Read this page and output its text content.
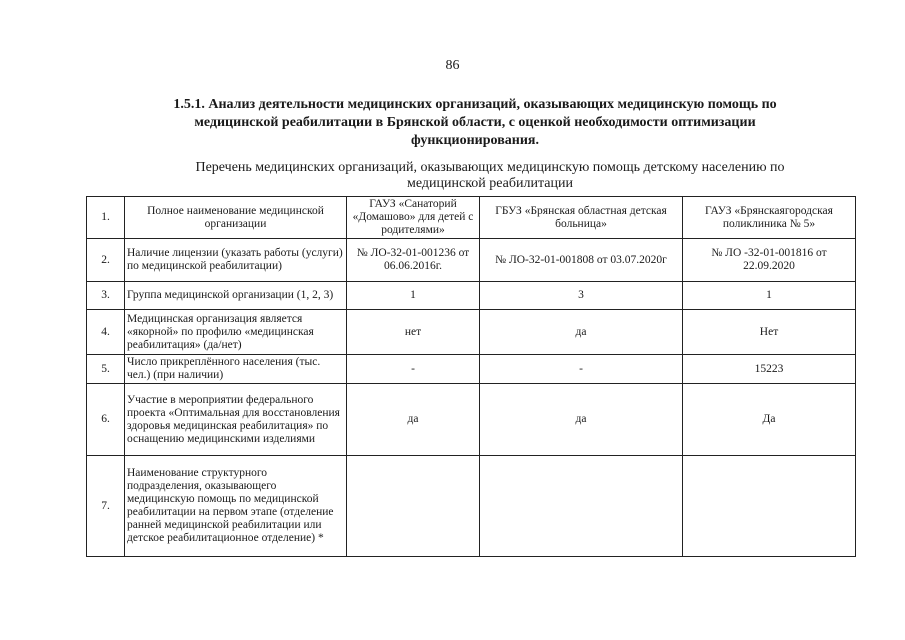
86
1.5.1. Анализ деятельности медицинских организаций, оказывающих медицинскую помощь по
медицинской реабилитации в Брянской области, с оценкой необходимости оптимизации
функционирования.
Перечень медицинских организаций, оказывающих медицинскую помощь детскому населению по
медицинской реабилитации
1.	Полное наименование медицинской организации	ГАУЗ «Санаторий «Домашово» для детей с родителями»	ГБУЗ «Брянская областная детская больница»	ГАУЗ «Брянскаягородская поликлиника № 5»
2.	Наличие лицензии (указать работы (услуги) по медицинской реабилитации)	№ ЛО-32-01-001236 от 06.06.2016г.	№ ЛО-32-01-001808 от 03.07.2020г	№ ЛО -32-01-001816 от 22.09.2020
3.	Группа медицинской организации (1, 2, 3)	1	3	1
4.	Медицинская организация является «якорной» по профилю «медицинская реабилитация» (да/нет)	нет	да	Нет
5.	Число прикреплённого населения (тыс. чел.) (при наличии)	-	-	15223
6.	Участие в мероприятии федерального проекта «Оптимальная для восстановления здоровья медицинская реабилитация» по оснащению медицинскими изделиями	да	да	Да
7.	Наименование структурного подразделения, оказывающего медицинскую помощь по медицинской реабилитации на первом этапе (отделение ранней медицинской реабилитации или детское реабилитационное отделение) *			
